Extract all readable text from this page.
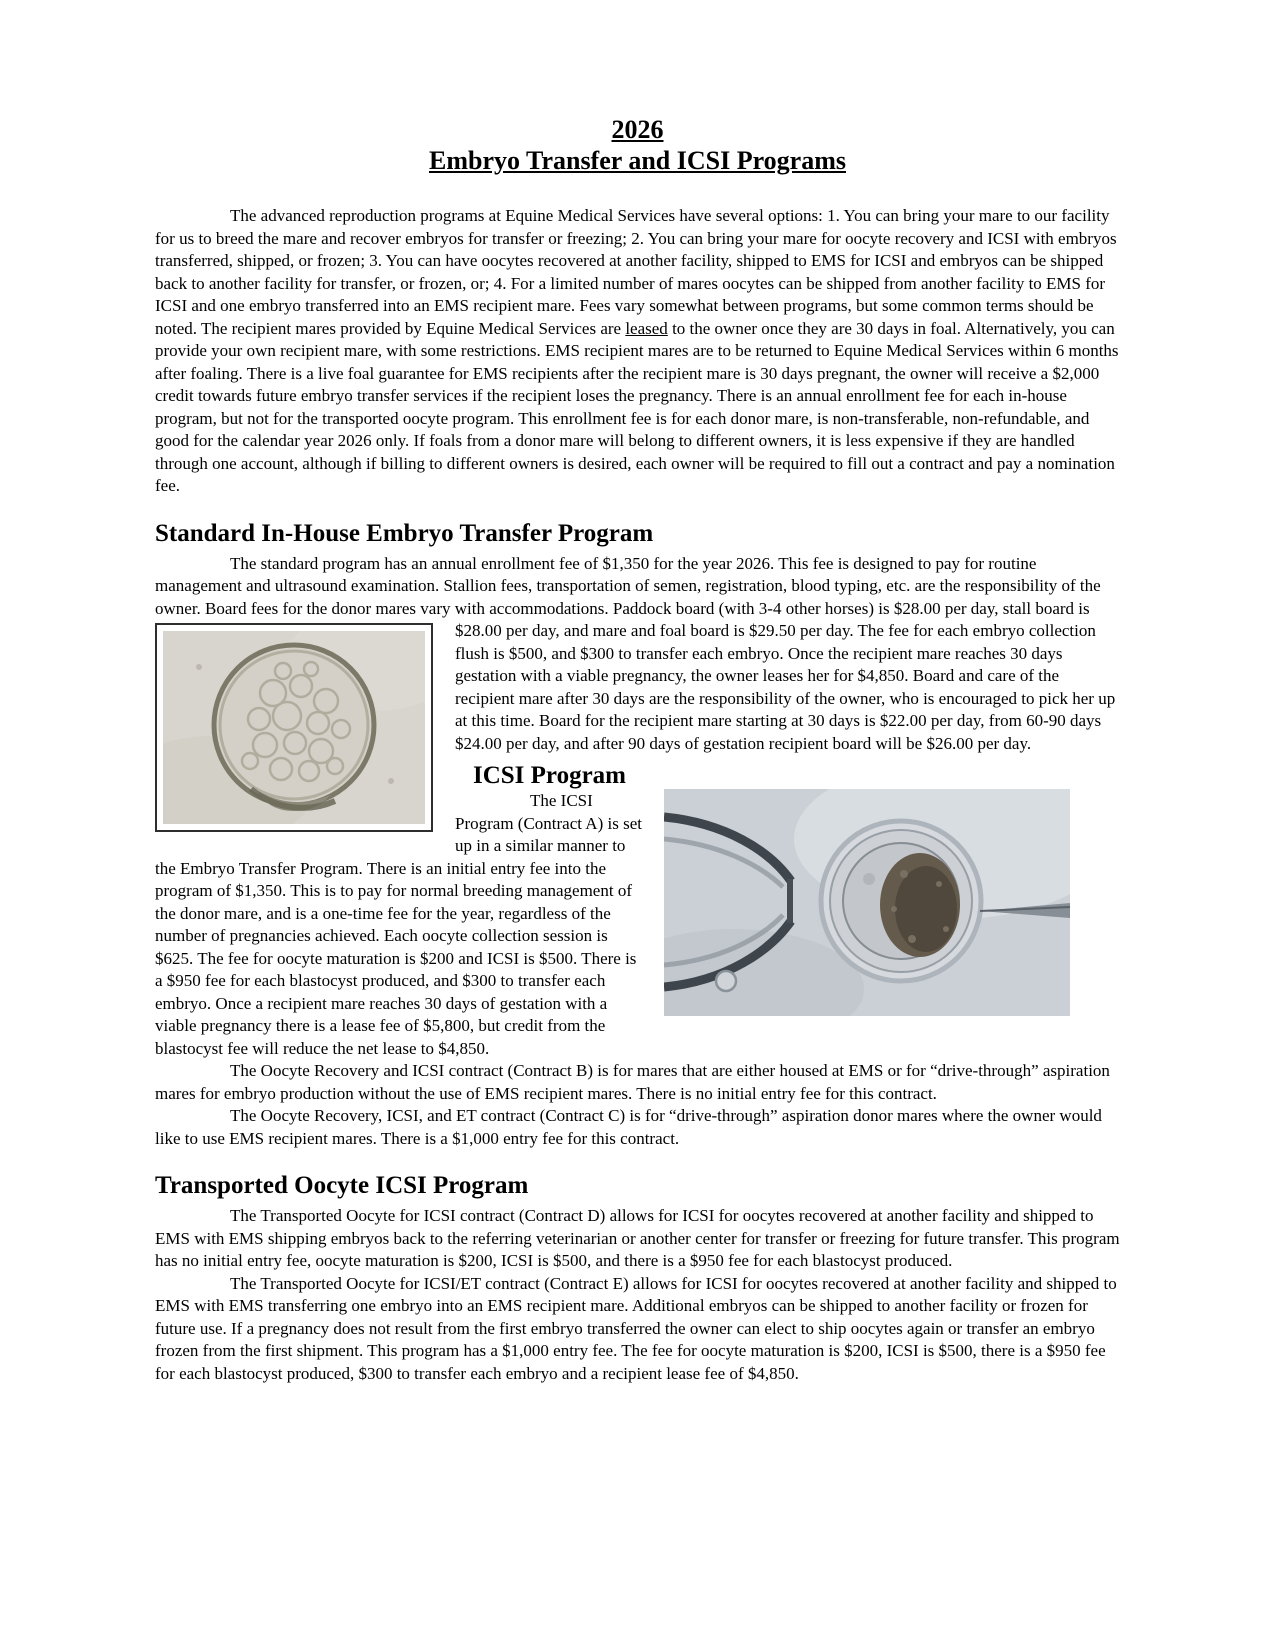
2026
Embryo Transfer and ICSI Programs

The advanced reproduction programs at Equine Medical Services have several options: 1. You can bring your mare to our facility for us to breed the mare and recover embryos for transfer or freezing; 2. You can bring your mare for oocyte recovery and ICSI with embryos transferred, shipped, or frozen; 3. You can have oocytes recovered at another facility, shipped to EMS for ICSI and embryos can be shipped back to another facility for transfer, or frozen, or; 4. For a limited number of mares oocytes can be shipped from another facility to EMS for ICSI and one embryo transferred into an EMS recipient mare. Fees vary somewhat between programs, but some common terms should be noted. The recipient mares provided by Equine Medical Services are leased to the owner once they are 30 days in foal. Alternatively, you can provide your own recipient mare, with some restrictions. EMS recipient mares are to be returned to Equine Medical Services within 6 months after foaling. There is a live foal guarantee for EMS recipients after the recipient mare is 30 days pregnant, the owner will receive a $2,000 credit towards future embryo transfer services if the recipient loses the pregnancy. There is an annual enrollment fee for each in-house program, but not for the transported oocyte program. This enrollment fee is for each donor mare, is non-transferable, non-refundable, and good for the calendar year 2026 only. If foals from a donor mare will belong to different owners, it is less expensive if they are handled through one account, although if billing to different owners is desired, each owner will be required to fill out a contract and pay a nomination fee.

Standard In-House Embryo Transfer Program

The standard program has an annual enrollment fee of $1,350 for the year 2026. This fee is designed to pay for routine management and ultrasound examination. Stallion fees, transportation of semen, registration, blood typing, etc. are the responsibility of the owner. Board fees for the donor mares vary with accommodations. Paddock board (with 3-4 other horses)
is $28.00 per day, stall board is $28.00 per day, and mare and foal board is $29.50 per day. The fee for each embryo collection flush is $500, and $300 to transfer each embryo. Once the recipient mare reaches 30 days gestation with a viable pregnancy, the owner leases her for $4,850. Board and care of the recipient mare after 30 days are the responsibility of the owner, who is encouraged to pick her up at this time. Board for the recipient mare starting at 30 days is $22.00 per day, from 60-90 days $24.00 per day, and after 90 days of gestation recipient board will be $26.00 per day.

ICSI Program

The ICSI Program (Contract A) is set up in a similar manner to the Embryo Transfer Program. There is an initial entry fee into the program of $1,350. This is to pay for normal breeding management of the donor mare, and is a one-time fee for the year, regardless of the number of pregnancies achieved. Each oocyte collection session is $625. The fee for oocyte maturation is $200 and ICSI is $500. There is a $950 fee for each blastocyst produced, and $300 to transfer each embryo. Once a recipient mare reaches 30 days of gestation with a viable pregnancy there is a lease fee of $5,800, but credit from the blastocyst fee will reduce the net lease to $4,850.

The Oocyte Recovery and ICSI contract (Contract B) is for mares that are either housed at EMS or for “drive-through” aspiration mares for embryo production without the use of EMS recipient mares. There is no initial entry fee for this contract.

The Oocyte Recovery, ICSI, and ET contract (Contract C) is for “drive-through” aspiration donor mares where the owner would like to use EMS recipient mares. There is a $1,000 entry fee for this contract.

Transported Oocyte ICSI Program

The Transported Oocyte for ICSI contract (Contract D) allows for ICSI for oocytes recovered at another facility and shipped to EMS with EMS shipping embryos back to the referring veterinarian or another center for transfer or freezing for future transfer. This program has no initial entry fee, oocyte maturation is $200, ICSI is $500, and there is a $950 fee for each blastocyst produced.

The Transported Oocyte for ICSI/ET contract (Contract E) allows for ICSI for oocytes recovered at another facility and shipped to EMS with EMS transferring one embryo into an EMS recipient mare. Additional embryos can be shipped to another facility or frozen for future use. If a pregnancy does not result from the first embryo transferred the owner can elect to ship oocytes again or transfer an embryo frozen from the first shipment. This program has a $1,000 entry fee. The fee for oocyte maturation is $200, ICSI is $500, there is a $950 fee for each blastocyst produced, $300 to transfer each embryo and a recipient lease fee of $4,850.
